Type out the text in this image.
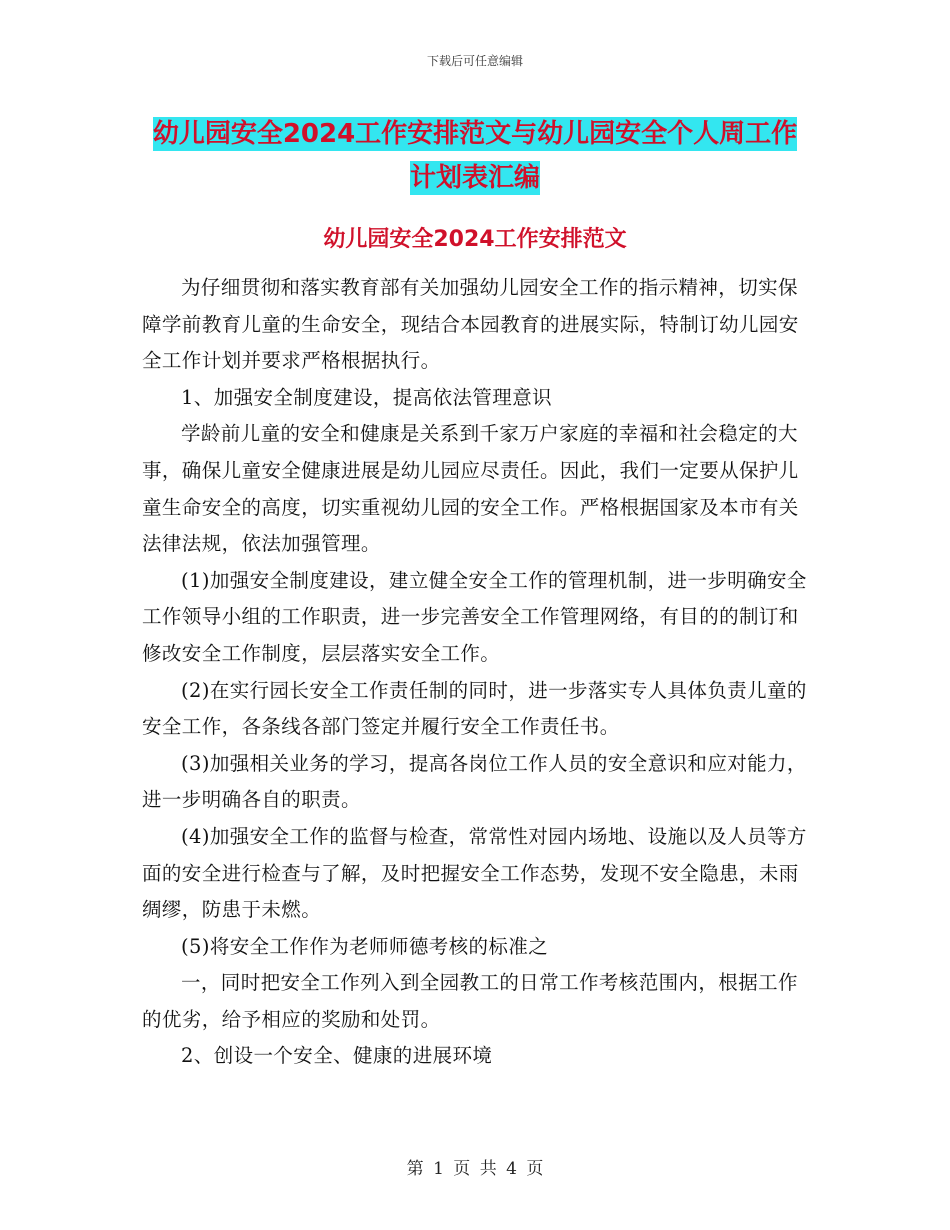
下载后可任意编辑
幼儿园安全2024工作安排范文与幼儿园安全个人周工作计划表汇编
幼儿园安全2024工作安排范文

为仔细贯彻和落实教育部有关加强幼儿园安全工作的指示精神，切实保障学前教育儿童的生命安全，现结合本园教育的进展实际，特制订幼儿园安全工作计划并要求严格根据执行。

1、加强安全制度建设，提高依法管理意识

学龄前儿童的安全和健康是关系到千家万户家庭的幸福和社会稳定的大事，确保儿童安全健康进展是幼儿园应尽责任。因此，我们一定要从保护儿童生命安全的高度，切实重视幼儿园的安全工作。严格根据国家及本市有关法律法规，依法加强管理。

(1)加强安全制度建设，建立健全安全工作的管理机制，进一步明确安全工作领导小组的工作职责，进一步完善安全工作管理网络，有目的的制订和修改安全工作制度，层层落实安全工作。

(2)在实行园长安全工作责任制的同时，进一步落实专人具体负责儿童的安全工作，各条线各部门签定并履行安全工作责任书。

(3)加强相关业务的学习，提高各岗位工作人员的安全意识和应对能力，进一步明确各自的职责。

(4)加强安全工作的监督与检查，常常性对园内场地、设施以及人员等方面的安全进行检查与了解，及时把握安全工作态势，发现不安全隐患，未雨绸缪，防患于未燃。

(5)将安全工作作为老师师德考核的标准之

一，同时把安全工作列入到全园教工的日常工作考核范围内，根据工作的优劣，给予相应的奖励和处罚。

2、创设一个安全、健康的进展环境

第 1 页 共 4 页
